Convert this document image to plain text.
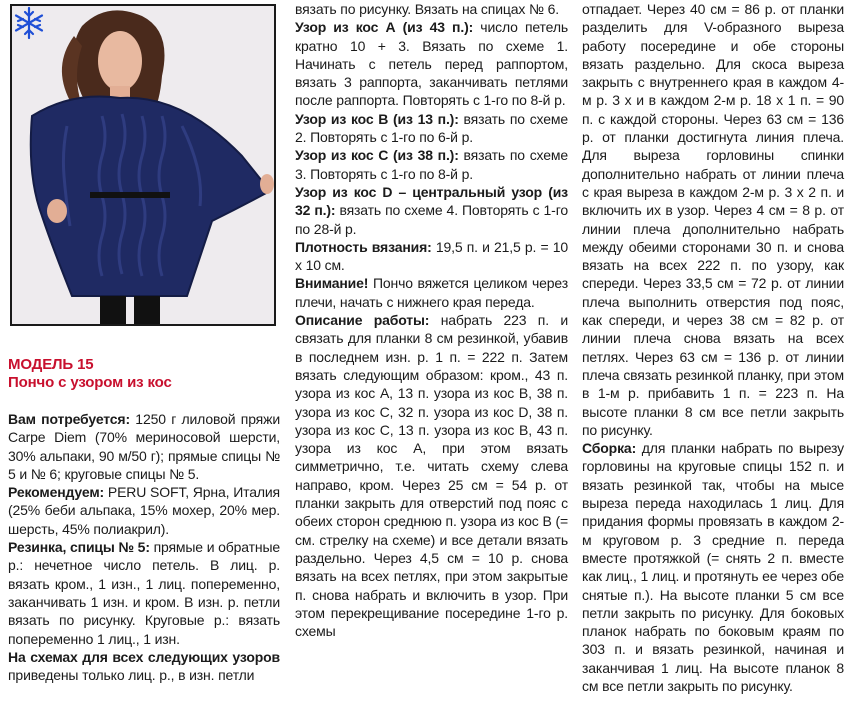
МОДЕЛЬ 15
Пончо с узором из кос

Вам потребуется: 1250 г лиловой пряжи Carpe Diem (70% мериносовой шерсти, 30% альпаки, 90 м/50 г); прямые спицы № 5 и № 6; круговые спицы № 5.

Рекомендуем: PERU SOFT, Ярна, Италия (25% беби альпака, 15% мохер, 20% мер. шерсть, 45% полиакрил).

Резинка, спицы № 5: прямые и обратные р.: нечетное число петель. В лиц. р. вязать кром., 1 изн., 1 лиц. попеременно, заканчивать 1 изн. и кром. В изн. р. петли вязать по рисунку. Круговые р.: вязать попеременно 1 лиц., 1 изн.

На схемах для всех следующих узоров приведены только лиц. р., в изн. петли

вязать по рисунку. Вязать на спицах № 6.

Узор из кос А (из 43 п.): число петель кратно 10 + 3. Вязать по схеме 1. Начинать с петель перед раппортом, вязать 3 раппорта, заканчивать петлями после раппорта. Повторять с 1-го по 8-й р.

Узор из кос В (из 13 п.): вязать по схеме 2. Повторять с 1-го по 6-й р.

Узор из кос С (из 38 п.): вязать по схеме 3. Повторять с 1-го по 8-й р.

Узор из кос D – центральный узор (из 32 п.): вязать по схеме 4. Повторять с 1-го по 28-й р.

Плотность вязания: 19,5 п. и 21,5 р. = 10 x 10 см.

Внимание! Пончо вяжется целиком через плечи, начать с нижнего края переда.

Описание работы: набрать 223 п. и связать для планки 8 см резинкой, убавив в последнем изн. р. 1 п. = 222 п. Затем вязать следующим образом: кром., 43 п. узора из кос А, 13 п. узора из кос В, 38 п. узора из кос С, 32 п. узора из кос D, 38 п. узора из кос С, 13 п. узора из кос В, 43 п. узора из кос А, при этом вязать симметрично, т.е. читать схему слева направо, кром. Через 25 см = 54 р. от планки закрыть для отверстий под пояс с обеих сторон среднюю п. узора из кос В (= см. стрелку на схеме) и все детали вязать раздельно. Через 4,5 см = 10 р. снова вязать на всех петлях, при этом закрытые п. снова набрать и включить в узор. При этом перекрещивание посередине 1-го р. схемы

отпадает. Через 40 см = 86 р. от планки разделить для V-образного выреза работу посередине и обе стороны вязать раздельно. Для скоса выреза закрыть с внутреннего края в каждом 4-м р. 3 х и в каждом 2-м р. 18 х 1 п. = 90 п. с каждой стороны. Через 63 см = 136 р. от планки достигнута линия плеча. Для выреза горловины спинки дополнительно набрать от линии плеча с края выреза в каждом 2-м р. 3 х 2 п. и включить их в узор. Через 4 см = 8 р. от линии плеча дополнительно набрать между обеими сторонами 30 п. и снова вязать на всех 222 п. по узору, как спереди. Через 33,5 см = 72 р. от линии плеча выполнить отверстия под пояс, как спереди, и через 38 см = 82 р. от линии плеча снова вязать на всех петлях. Через 63 см = 136 р. от линии плеча связать резинкой планку, при этом в 1-м р. прибавить 1 п. = 223 п. На высоте планки 8 см все петли закрыть по рисунку.

Сборка: для планки набрать по вырезу горловины на круговые спицы 152 п. и вязать резинкой так, чтобы на мысе выреза переда находилась 1 лиц. Для придания формы провязать в каждом 2-м круговом р. 3 средние п. переда вместе протяжкой (= снять 2 п. вместе как лиц., 1 лиц. и протянуть ее через обе снятые п.). На высоте планки 5 см все петли закрыть по рисунку. Для боковых планок набрать по боковым краям по 303 п. и вязать резинкой, начиная и заканчивая 1 лиц. На высоте планок 8 см все петли закрыть по рисунку.
